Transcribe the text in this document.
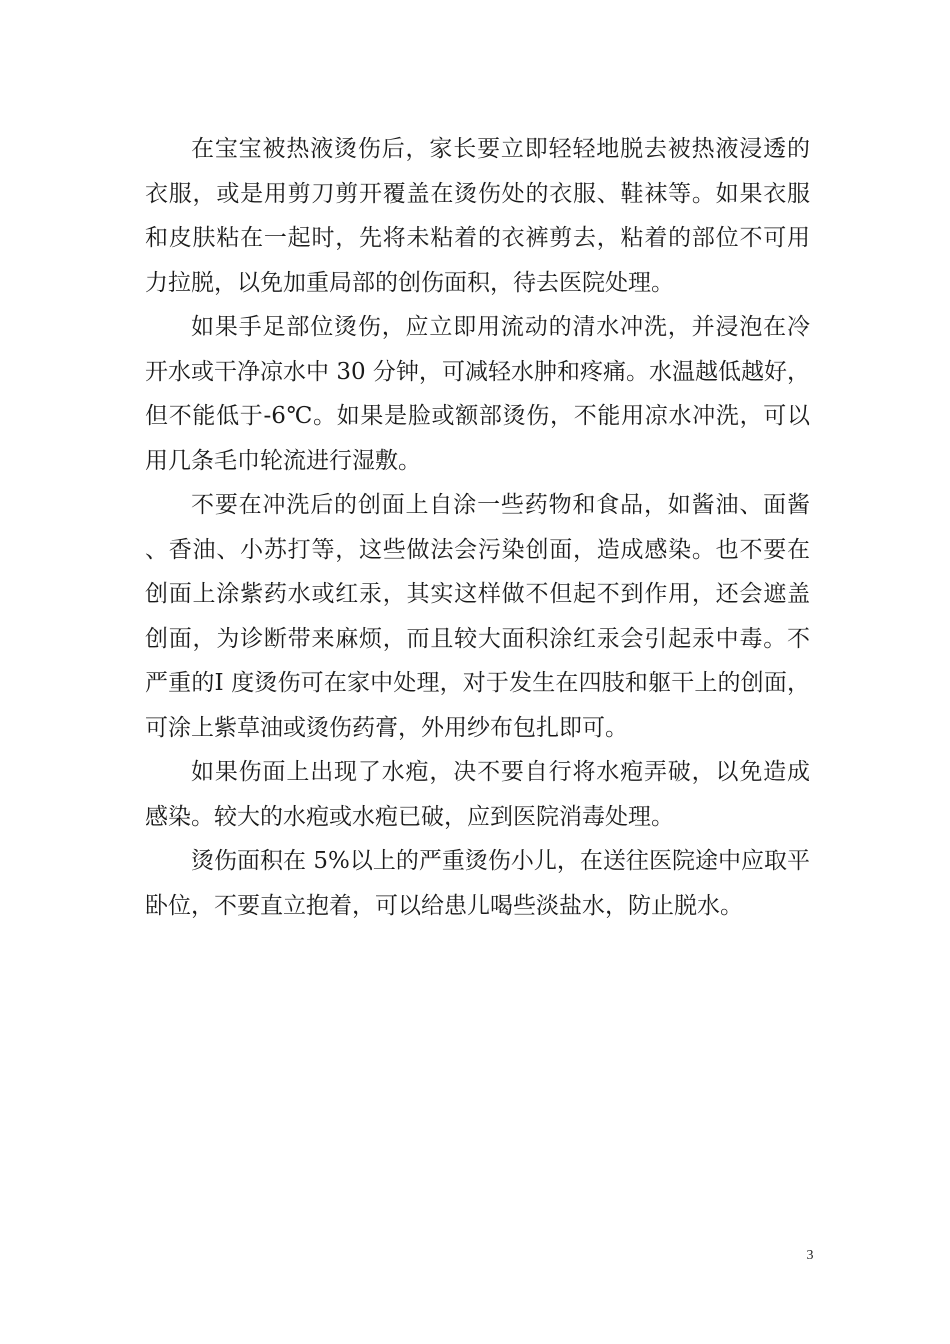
在宝宝被热液烫伤后，家长要立即轻轻地脱去被热液浸透的衣服，或是用剪刀剪开覆盖在烫伤处的衣服、鞋袜等。如果衣服和皮肤粘在一起时，先将未粘着的衣裤剪去，粘着的部位不可用力拉脱，以免加重局部的创伤面积，待去医院处理。

如果手足部位烫伤，应立即用流动的清水冲洗，并浸泡在冷开水或干净凉水中 30 分钟，可减轻水肿和疼痛。水温越低越好，但不能低于-6℃。如果是脸或额部烫伤，不能用凉水冲洗，可以用几条毛巾轮流进行湿敷。

不要在冲洗后的创面上自涂一些药物和食品，如酱油、面酱、香油、小苏打等，这些做法会污染创面，造成感染。也不要在创面上涂紫药水或红汞，其实这样做不但起不到作用，还会遮盖创面，为诊断带来麻烦，而且较大面积涂红汞会引起汞中毒。不严重的Ⅰ 度烫伤可在家中处理，对于发生在四肢和躯干上的创面，可涂上紫草油或烫伤药膏，外用纱布包扎即可。

如果伤面上出现了水疱，决不要自行将水疱弄破，以免造成感染。较大的水疱或水疱已破，应到医院消毒处理。

烫伤面积在 5%以上的严重烫伤小儿，在送往医院途中应取平卧位，不要直立抱着，可以给患儿喝些淡盐水，防止脱水。

3
